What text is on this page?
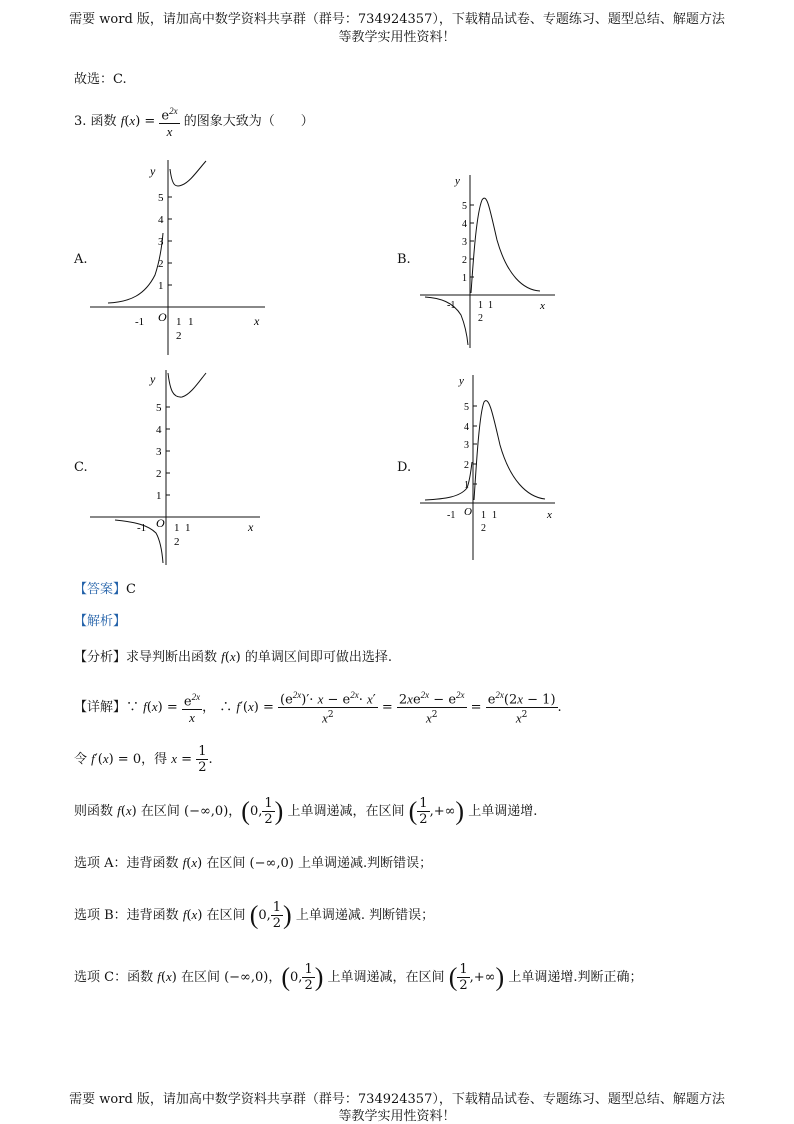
需要 word 版，请加高中数学资料共享群（群号：734924357），下载精品试卷、专题练习、题型总结、解题方法
等教学实用性资料！
故选：C.
3. 函数 $f(x) = \frac{e^{2x}}{x}$ 的图象大致为（　　）
A.	B.
C.	D.
y
x
O
-1	1
2
1
1
2
3
4
5
y
x
-1 1
2
1
1
2
3
4
5
y
x
O
-1	1
2
1
1
2
3
4
5
y
x
O
-1	1
2
1
1
2
3
4
5
【答案】C
【解析】
【分析】求导判断出函数 f(x) 的单调区间即可做出选择.
【详解】∵ $f(x) = \frac{e^{2x}}{x}$ ， ∴ $f'(x) = \frac{(e^{2x})'\cdot x - e^{2x}\cdot x'}{x^2} = \frac{2xe^{2x} - e^{2x}}{x^2} = \frac{e^{2x}(2x - 1)}{x^2}$ .
令 f′(x) = 0，得 $x = \frac{1}{2}$ .
则函数 f(x) 在区间 (−∞,0)，(0, $\frac{1}{2}$ ) 上单调递减，在区间 ( $\frac{1}{2}$ ,+∞) 上单调递增.
选项 A：违背函数 f(x) 在区间 (−∞,0) 上单调递减.判断错误；
选项 B：违背函数 f(x) 在区间 (0, $\frac{1}{2}$ ) 上单调递减. 判断错误；
选项 C：函数 f(x) 在区间 (−∞,0)，(0, $\frac{1}{2}$ ) 上单调递减，在区间 ( $\frac{1}{2}$ ,+∞) 上单调递增.判断正确；
需要 word 版，请加高中数学资料共享群（群号：734924357），下载精品试卷、专题练习、题型总结、解题方法
等教学实用性资料！
